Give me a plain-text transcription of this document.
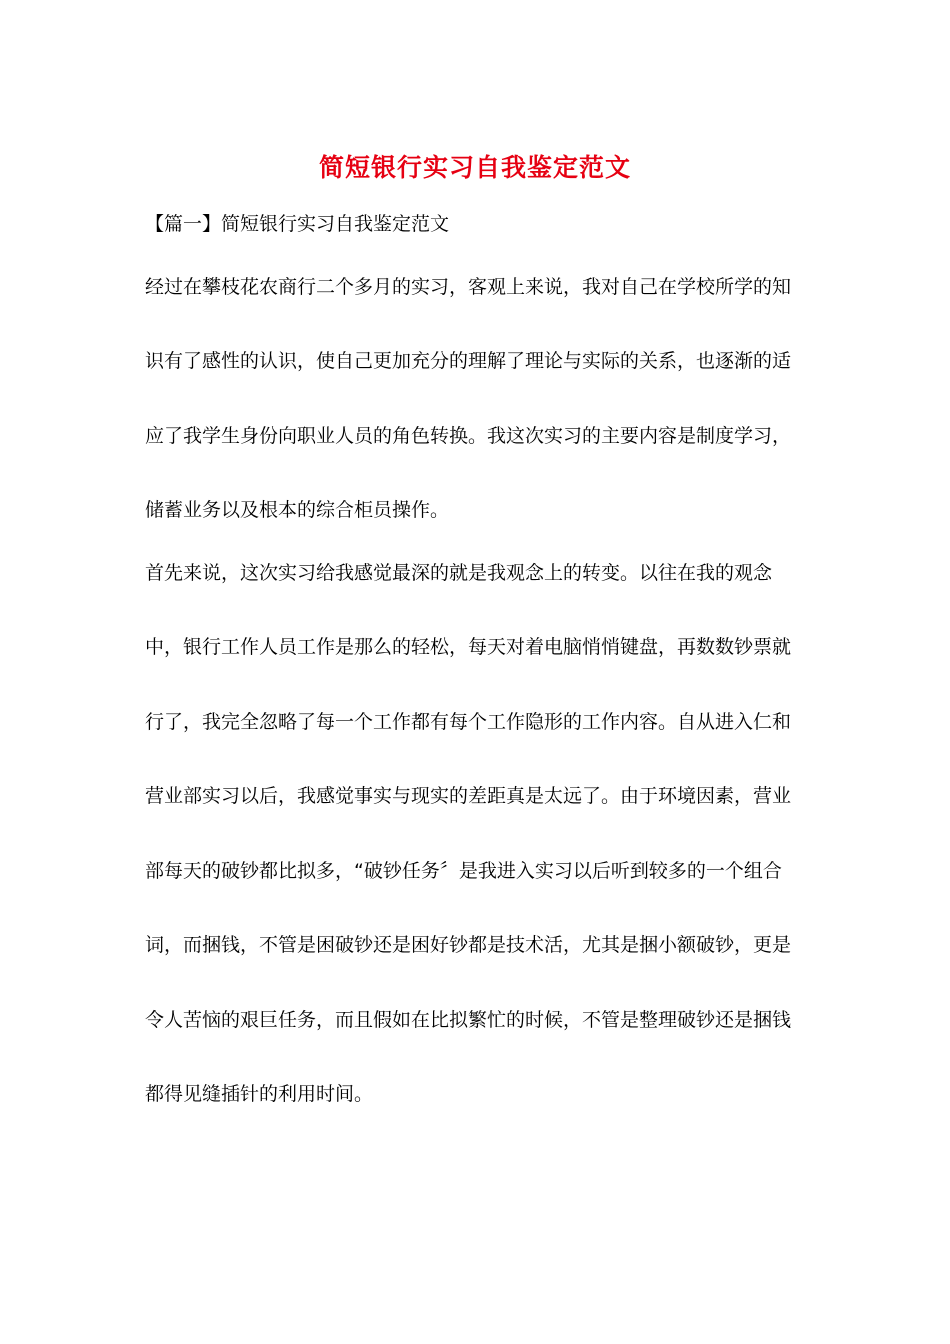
简短银行实习自我鉴定范文
【篇一】简短银行实习自我鉴定范文
经过在攀枝花农商行二个多月的实习，客观上来说，我对自己在学校所学的知
识有了感性的认识，使自己更加充分的理解了理论与实际的关系，也逐渐的适
应了我学生身份向职业人员的角色转换。我这次实习的主要内容是制度学习，
储蓄业务以及根本的综合柜员操作。
首先来说，这次实习给我感觉最深的就是我观念上的转变。以往在我的观念
中，银行工作人员工作是那么的轻松，每天对着电脑悄悄键盘，再数数钞票就
行了，我完全忽略了每一个工作都有每个工作隐形的工作内容。自从进入仁和
营业部实习以后，我感觉事实与现实的差距真是太远了。由于环境因素，营业
部每天的破钞都比拟多，“破钞任务〞是我进入实习以后听到较多的一个组合
词，而捆钱，不管是困破钞还是困好钞都是技术活，尤其是捆小额破钞，更是
令人苦恼的艰巨任务，而且假如在比拟繁忙的时候，不管是整理破钞还是捆钱
都得见缝插针的利用时间。
